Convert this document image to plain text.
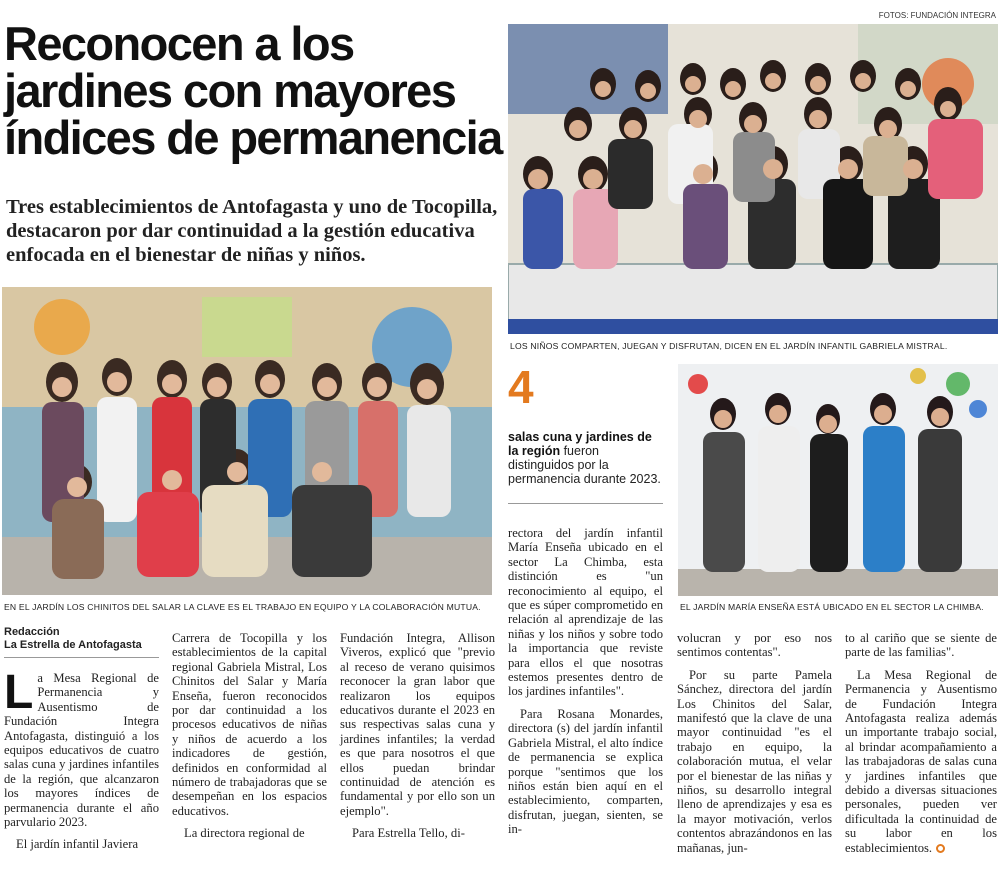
Reconocen a los jardines con mayores índices de permanencia

Tres establecimientos de Antofagasta y uno de Tocopilla, destacaron por dar continuidad a la gestión educativa enfocada en el bienestar de niñas y niños.

FOTOS: FUNDACIÓN INTEGRA
EN EL JARDÍN LOS CHINITOS DEL SALAR LA CLAVE ES EL TRABAJO EN EQUIPO Y LA COLABORACIÓN MUTUA.
LOS NIÑOS COMPARTEN, JUEGAN Y DISFRUTAN, DICEN EN EL JARDÍN INFANTIL GABRIELA MISTRAL.
4
salas cuna y jardines de la región fueron distinguidos por la permanencia durante 2023.
EL JARDÍN MARÍA ENSEÑA ESTÁ UBICADO EN EL SECTOR LA CHIMBA.
Redacción
La Estrella de Antofagasta

La Mesa Regional de Permanencia y Ausentismo de Fundación Integra Antofagasta, distinguió a los equipos educativos de cuatro salas cuna y jardines infantiles de la región, que alcanzaron los mayores índices de permanencia durante el año parvulario 2023.

El jardín infantil Javiera

Carrera de Tocopilla y los establecimientos de la capital regional Gabriela Mistral, Los Chinitos del Salar y María Enseña, fueron reconocidos por dar continuidad a los procesos educativos de niñas y niños de acuerdo a los indicadores de gestión, definidos en conformidad al número de trabajadoras que se desempeñan en los espacios educativos.

La directora regional de

Fundación Integra, Allison Viveros, explicó que "previo al receso de verano quisimos reconocer la gran labor que realizaron los equipos educativos durante el 2023 en sus respectivas salas cuna y jardines infantiles; la verdad es que para nosotros el que ellos puedan brindar continuidad de atención es fundamental y por ello son un ejemplo".

Para Estrella Tello, di-

rectora del jardín infantil María Enseña ubicado en el sector La Chimba, esta distinción es "un reconocimiento al equipo, el que es súper comprometido en relación al aprendizaje de las niñas y los niños y sobre todo la importancia que reviste para ellos el que nosotras estemos presentes dentro de los jardines infantiles".

Para Rosana Monardes, directora (s) del jardín infantil Gabriela Mistral, el alto índice de permanencia se explica porque "sentimos que los niños están bien aquí en el establecimiento, comparten, disfrutan, juegan, sienten, se in-

volucran y por eso nos sentimos contentas".

Por su parte Pamela Sánchez, directora del jardín Los Chinitos del Salar, manifestó que la clave de una mayor continuidad "es el trabajo en equipo, la colaboración mutua, el velar por el bienestar de las niñas y niños, su desarrollo integral lleno de aprendizajes y esa es la mayor motivación, verlos contentos abrazándonos en las mañanas, jun-

to al cariño que se siente de parte de las familias".

La Mesa Regional de Permanencia y Ausentismo de Fundación Integra Antofagasta realiza además un importante trabajo social, al brindar acompañamiento a las trabajadoras de salas cuna y jardines infantiles que debido a diversas situaciones personales, pueden ver dificultada la continuidad de su labor en los establecimientos.
